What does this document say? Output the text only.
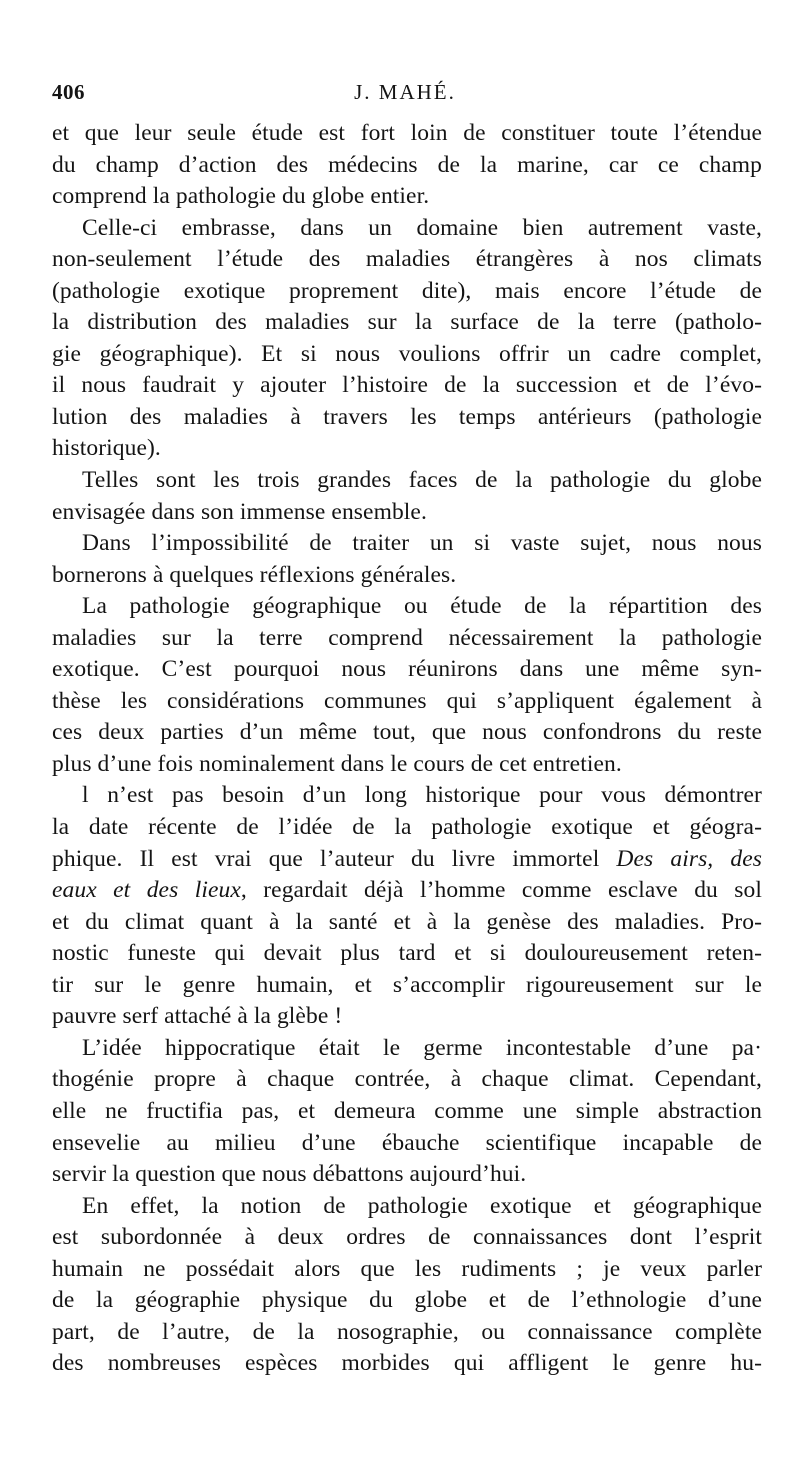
406	J. MAHÉ.
et que leur seule étude est fort loin de constituer toute l’étendue
du champ d’action des médecins de la marine, car ce champ
comprend la pathologie du globe entier.
Celle-ci embrasse, dans un domaine bien autrement vaste,
non-seulement l’étude des maladies étrangères à nos climats
(pathologie exotique proprement dite), mais encore l’étude de
la distribution des maladies sur la surface de la terre (patholo-
gie géographique). Et si nous voulions offrir un cadre complet,
il nous faudrait y ajouter l’histoire de la succession et de l’évo-
lution des maladies à travers les temps antérieurs (pathologie
historique).
Telles sont les trois grandes faces de la pathologie du globe
envisagée dans son immense ensemble.
Dans l’impossibilité de traiter un si vaste sujet, nous nous
bornerons à quelques réflexions générales.
La pathologie géographique ou étude de la répartition des
maladies sur la terre comprend nécessairement la pathologie
exotique. C’est pourquoi nous réunirons dans une même syn-
thèse les considérations communes qui s’appliquent également à
ces deux parties d’un même tout, que nous confondrons du reste
plus d’une fois nominalement dans le cours de cet entretien.
l n’est pas besoin d’un long historique pour vous démontrer
la date récente de l’idée de la pathologie exotique et géogra-
phique. Il est vrai que l’auteur du livre immortel Des airs, des
eaux et des lieux, regardait déjà l’homme comme esclave du sol
et du climat quant à la santé et à la genèse des maladies. Pro-
nostic funeste qui devait plus tard et si douloureusement reten-
tir sur le genre humain, et s’accomplir rigoureusement sur le
pauvre serf attaché à la glèbe !
L’idée hippocratique était le germe incontestable d’une pa·
thogénie propre à chaque contrée, à chaque climat. Cependant,
elle ne fructifia pas, et demeura comme une simple abstraction
ensevelie au milieu d’une ébauche scientifique incapable de
servir la question que nous débattons aujourd’hui.
En effet, la notion de pathologie exotique et géographique
est subordonnée à deux ordres de connaissances dont l’esprit
humain ne possédait alors que les rudiments ; je veux parler
de la géographie physique du globe et de l’ethnologie d’une
part, de l’autre, de la nosographie, ou connaissance complète
des nombreuses espèces morbides qui affligent le genre hu-
